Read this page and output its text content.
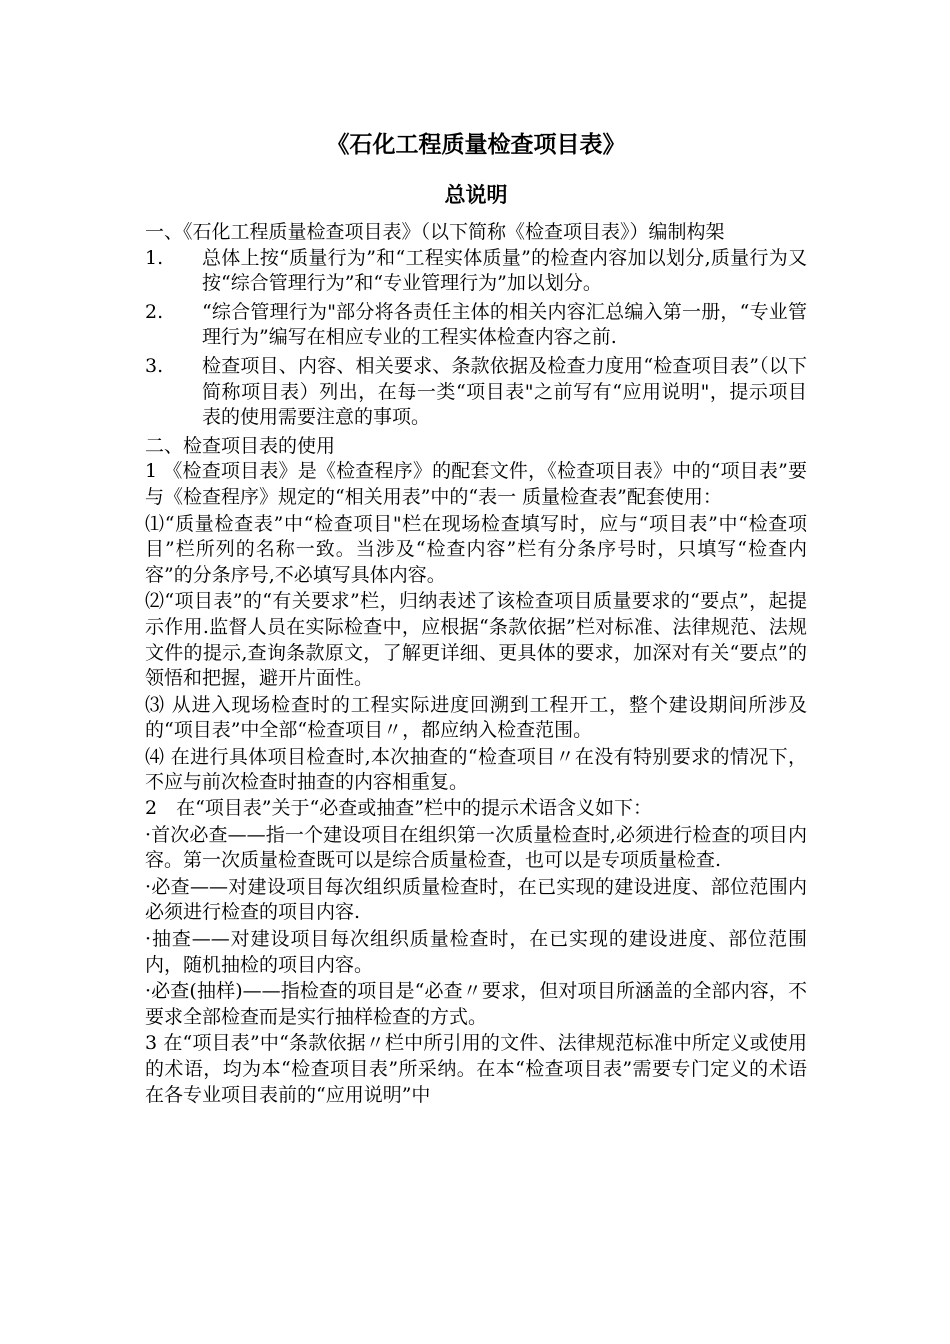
《石化工程质量检查项目表》
总说明

一、《石化工程质量检查项目表》（以下简称《检查项目表》）编制构架

1.	总体上按“质量行为”和“工程实体质量”的检查内容加以划分,质量行为又按“综合管理行为”和“专业管理行为”加以划分。
2.	“综合管理行为"部分将各责任主体的相关内容汇总编入第一册，“专业管理行为”编写在相应专业的工程实体检查内容之前.
3.	检查项目、内容、相关要求、条款依据及检查力度用“检查项目表”（以下简称项目表）列出，在每一类“项目表"之前写有“应用说明"，提示项目表的使用需要注意的事项。

二、检查项目表的使用

1 《检查项目表》是《检查程序》的配套文件，《检查项目表》中的“项目表”要与《检查程序》规定的“相关用表”中的“表一 质量检查表”配套使用：

⑴“质量检查表”中“检查项目"栏在现场检查填写时，应与“项目表”中“检查项目”栏所列的名称一致。当涉及“检查内容”栏有分条序号时，只填写“检查内容”的分条序号,不必填写具体内容。

⑵“项目表”的“有关要求”栏，归纳表述了该检查项目质量要求的“要点”，起提示作用.监督人员在实际检查中，应根据“条款依据”栏对标准、法律规范、法规文件的提示,查询条款原文，了解更详细、更具体的要求，加深对有关“要点”的领悟和把握，避开片面性。

⑶ 从进入现场检查时的工程实际进度回溯到工程开工，整个建设期间所涉及的“项目表”中全部“检查项目〃，都应纳入检查范围。

⑷ 在进行具体项目检查时,本次抽查的“检查项目〃在没有特别要求的情况下，不应与前次检查时抽查的内容相重复。

2　在“项目表”关于“必查或抽查”栏中的提示术语含义如下：

·首次必查——指一个建设项目在组织第一次质量检查时,必须进行检查的项目内容。第一次质量检查既可以是综合质量检查，也可以是专项质量检查.

·必查——对建设项目每次组织质量检查时，在已实现的建设进度、部位范围内必须进行检查的项目内容.

·抽查——对建设项目每次组织质量检查时，在已实现的建设进度、部位范围内，随机抽检的项目内容。

·必查(抽样)——指检查的项目是“必查〃要求，但对项目所涵盖的全部内容，不要求全部检查而是实行抽样检查的方式。

3 在“项目表”中“条款依据〃栏中所引用的文件、法律规范标准中所定义或使用的术语，均为本“检查项目表”所采纳。在本“检查项目表”需要专门定义的术语在各专业项目表前的“应用说明”中
